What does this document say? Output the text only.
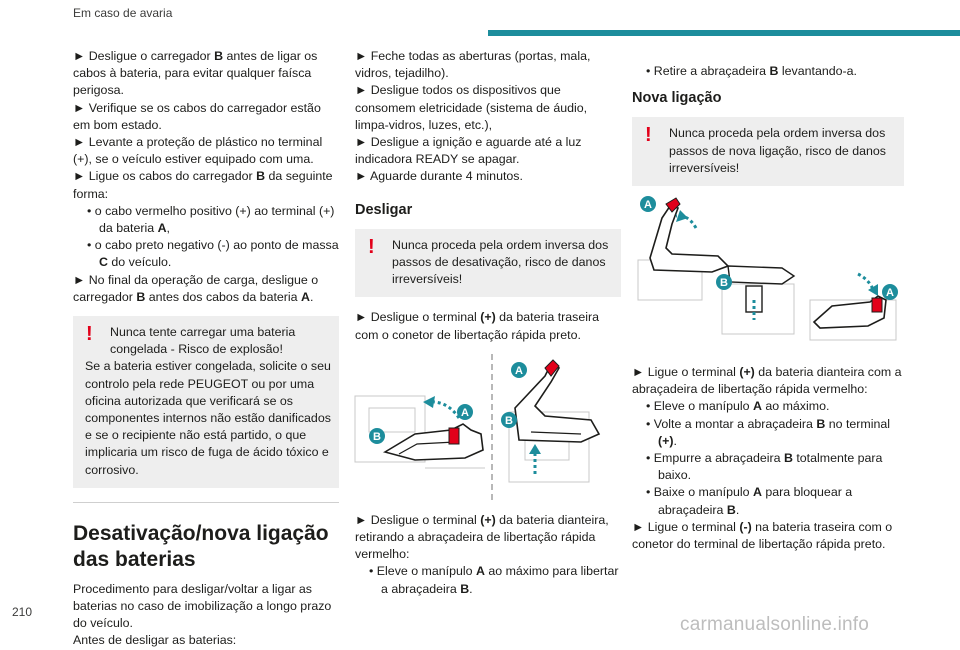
Em caso de avaria

► Desligue o carregador B antes de ligar os cabos à bateria, para evitar qualquer faísca perigosa.

► Verifique se os cabos do carregador estão em bom estado.

► Levante a proteção de plástico no terminal (+), se o veículo estiver equipado com uma.

► Ligue os cabos do carregador B da seguinte forma:

• o cabo vermelho positivo (+) ao terminal (+) da bateria A,

• o cabo preto negativo (-) ao ponto de massa C do veículo.

► No final da operação de carga, desligue o carregador B antes dos cabos da bateria A.

!	Nunca tente carregar uma bateria congelada - Risco de explosão!

Se a bateria estiver congelada, solicite o seu controlo pela rede PEUGEOT ou por uma oficina autorizada que verificará se os componentes internos não estão danificados e se o recipiente não está partido, o que implicaria um risco de fuga de ácido tóxico e corrosivo.

Desativação/nova ligação das baterias

Procedimento para desligar/voltar a ligar as baterias no caso de imobilização a longo prazo do veículo.

Antes de desligar as baterias:

► Feche todas as aberturas (portas, mala, vidros, tejadilho).

► Desligue todos os dispositivos que consomem eletricidade (sistema de áudio, limpa-vidros, luzes, etc.),

► Desligue a ignição e aguarde até a luz indicadora READY se apagar.

► Aguarde durante 4 minutos.

Desligar
!	Nunca proceda pela ordem inversa dos passos de desativação, risco de danos irreversíveis!

► Desligue o terminal (+) da bateria traseira com o conetor de libertação rápida preto.

A
B
A
B

► Desligue o terminal (+) da bateria dianteira, retirando a abraçadeira de libertação rápida vermelho:

• Eleve o manípulo A ao máximo para libertar a abraçadeira B.

• Retire a abraçadeira B levantando-a.

Nova ligação
!	Nunca proceda pela ordem inversa dos passos de nova ligação, risco de danos irreversíveis!

A
B
A

► Ligue o terminal (+) da bateria dianteira com a abraçadeira de libertação rápida vermelho:

• Eleve o manípulo A ao máximo.

• Volte a montar a abraçadeira B no terminal (+).

• Empurre a abraçadeira B totalmente para baixo.

• Baixe o manípulo A para bloquear a abraçadeira B.

► Ligue o terminal (-) na bateria traseira com o conetor do terminal de libertação rápida preto.

210
carmanualsonline.info
